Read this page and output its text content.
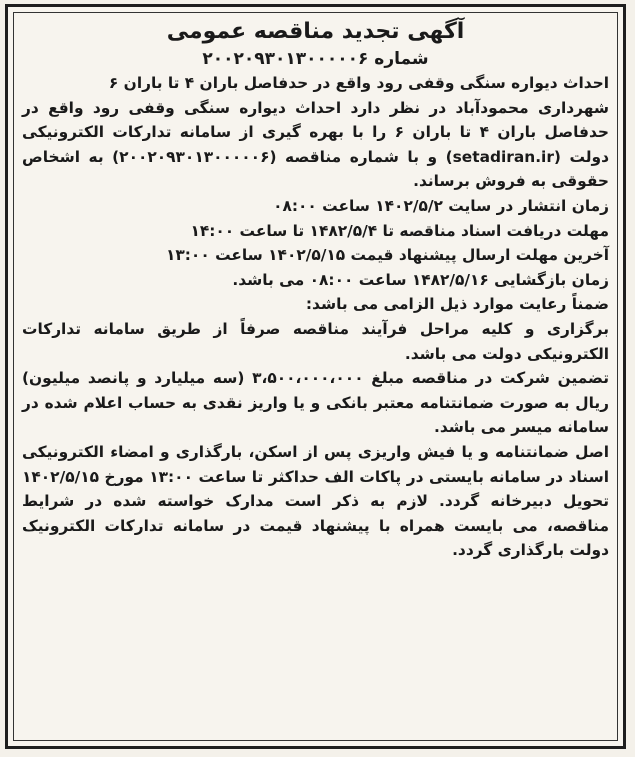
آگهی تجدید مناقصه عمومی
شماره ۲۰۰۲۰۹۳۰۱۳۰۰۰۰۰۶

احداث دیواره سنگی وقفی رود واقع در حدفاصل باران ۴ تا باران ۶

شهرداری محمودآباد در نظر دارد احداث دیواره سنگی وقفی رود واقع در حدفاصل باران ۴ تا باران ۶ را با بهره گیری از سامانه تدارکات الکترونیکی دولت (setadiran.ir) و با شماره مناقصه (۲۰۰۲۰۹۳۰۱۳۰۰۰۰۰۶) به اشخاص حقوقی به فروش برساند.

زمان انتشار در سایت ۱۴۰۲/۵/۲ ساعت ۰۸:۰۰

مهلت دریافت اسناد مناقصه تا ۱۴۸۲/۵/۴ تا ساعت ۱۴:۰۰

آخرین مهلت ارسال پیشنهاد قیمت ۱۴۰۲/۵/۱۵ ساعت ۱۳:۰۰

زمان بازگشایی ۱۴۸۲/۵/۱۶ ساعت ۰۸:۰۰ می باشد.

ضمناً رعایت موارد ذیل الزامی می باشد:

برگزاری و کلیه مراحل فرآیند مناقصه صرفاً از طریق سامانه تدارکات الکترونیکی دولت می باشد.

تضمین شرکت در مناقصه مبلغ ۳،۵۰۰،۰۰۰،۰۰۰ (سه میلیارد و پانصد میلیون) ریال به صورت ضمانتنامه معتبر بانکی و یا واریز نقدی به حساب اعلام شده در سامانه میسر می باشد.

اصل ضمانتنامه و یا فیش واریزی پس از اسکن، بارگذاری و امضاء الکترونیکی اسناد در سامانه بایستی در پاکات الف حداکثر تا ساعت ۱۳:۰۰ مورخ ۱۴۰۲/۵/۱۵ تحویل دبیرخانه گردد. لازم به ذکر است مدارک خواسته شده در شرایط مناقصه، می بایست همراه با پیشنهاد قیمت در سامانه تدارکات الکترونیک دولت بارگذاری گردد.
